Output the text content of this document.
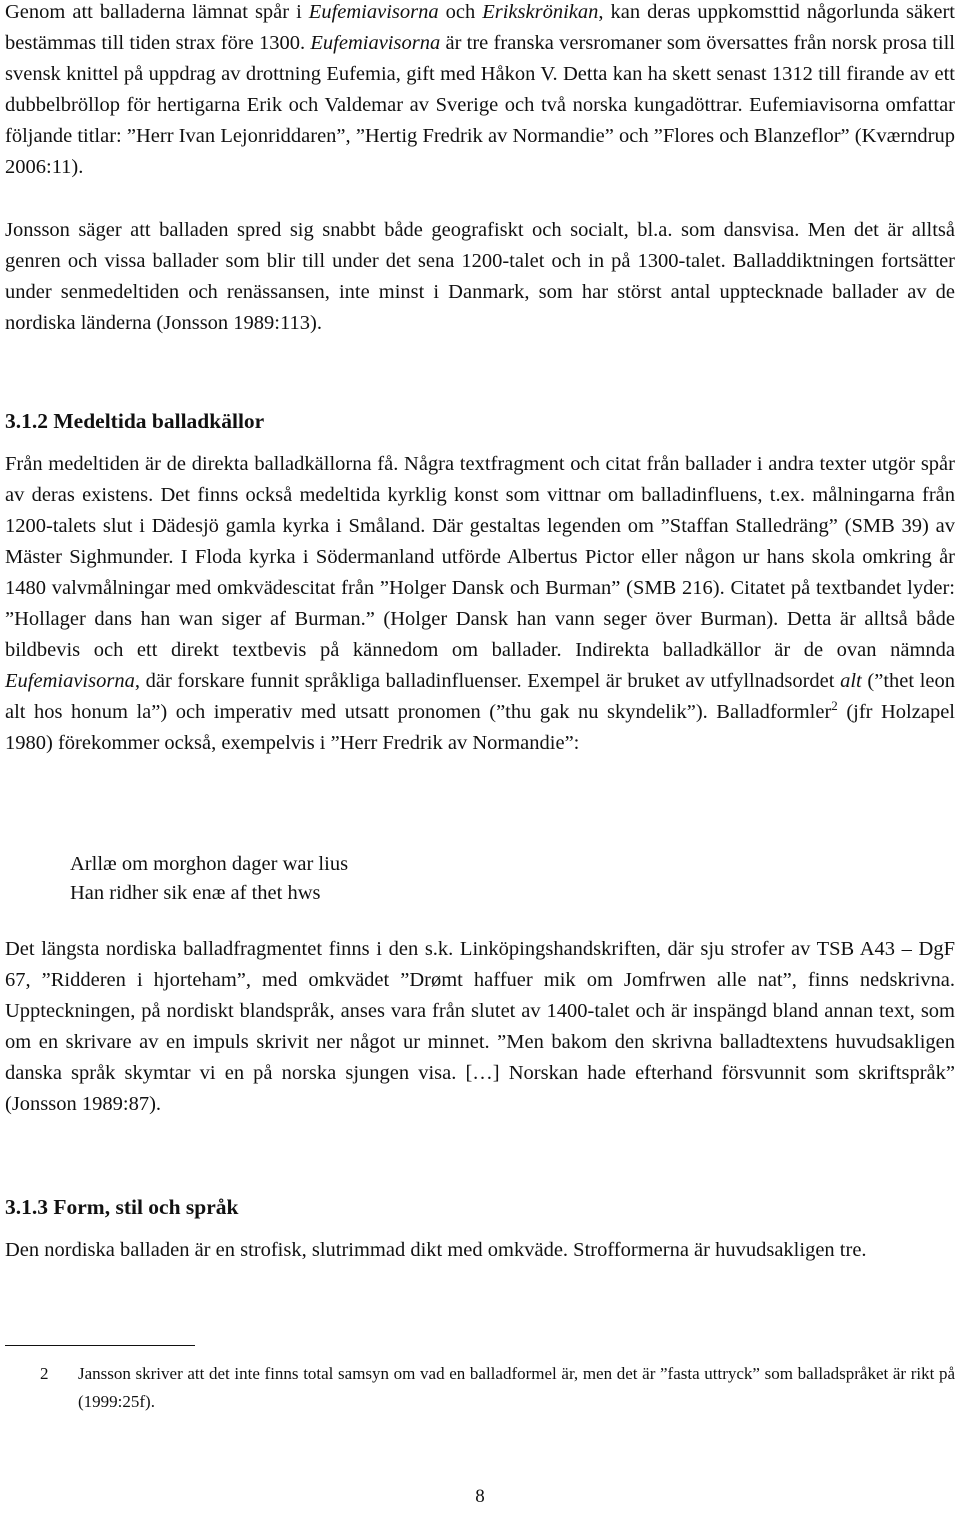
Genom att balladerna lämnat spår i Eufemiavisorna och Erikskrönikan, kan deras uppkomsttid någorlunda säkert bestämmas till tiden strax före 1300. Eufemiavisorna är tre franska versromaner som översattes från norsk prosa till svensk knittel på uppdrag av drottning Eufemia, gift med Håkon V. Detta kan ha skett senast 1312 till firande av ett dubbelbröllop för hertigarna Erik och Valdemar av Sverige och två norska kungadöttrar. Eufemiavisorna omfattar följande titlar: ”Herr Ivan Lejonriddaren”, ”Hertig Fredrik av Normandie” och ”Flores och Blanzeflor” (Kværndrup 2006:11).

Jonsson säger att balladen spred sig snabbt både geografiskt och socialt, bl.a. som dansvisa. Men det är alltså genren och vissa ballader som blir till under det sena 1200-talet och in på 1300-talet. Balladdiktningen fortsätter under senmedeltiden och renässansen, inte minst i Danmark, som har störst antal upptecknade ballader av de nordiska länderna (Jonsson 1989:113).

3.1.2 Medeltida balladkällor

Från medeltiden är de direkta balladkällorna få. Några textfragment och citat från ballader i andra texter utgör spår av deras existens. Det finns också medeltida kyrklig konst som vittnar om balladinfluens, t.ex. målningarna från 1200-talets slut i Dädesjö gamla kyrka i Småland. Där gestaltas legenden om ”Staffan Stalledräng” (SMB 39) av Mäster Sighmunder. I Floda kyrka i Södermanland utförde Albertus Pictor eller någon ur hans skola omkring år 1480 valvmålningar med omkvädescitat från ”Holger Dansk och Burman” (SMB 216). Citatet på textbandet lyder: ”Hollager dans han wan siger af Burman.” (Holger Dansk han vann seger över Burman). Detta är alltså både bildbevis och ett direkt textbevis på kännedom om ballader. Indirekta balladkällor är de ovan nämnda Eufemiavisorna, där forskare funnit språkliga balladinfluenser. Exempel är bruket av utfyllnadsordet alt (”thet leon alt hos honum la”) och imperativ med utsatt pronomen (”thu gak nu skyndelik”). Balladformler$^2$ (jfr Holzapel 1980) förekommer också, exempelvis i ”Herr Fredrik av Normandie”:

Arllæ om morghon dager war lius
Han ridher sik enæ af thet hws

Det längsta nordiska balladfragmentet finns i den s.k. Linköpingshandskriften, där sju strofer av TSB A43 – DgF 67, ”Ridderen i hjorteham”, med omkvädet ”Drømt haffuer mik om Jomfrwen alle nat”, finns nedskrivna. Uppteckningen, på nordiskt blandspråk, anses vara från slutet av 1400-talet och är inspängd bland annan text, som om en skrivare av en impuls skrivit ner något ur minnet. ”Men bakom den skrivna balladtextens huvudsakligen danska språk skymtar vi en på norska sjungen visa. […] Norskan hade efterhand försvunnit som skriftspråk” (Jonsson 1989:87).

3.1.3 Form, stil och språk

Den nordiska balladen är en strofisk, slutrimmad dikt med omkväde. Strofformerna är huvudsakligen tre.

2 Jansson skriver att det inte finns total samsyn om vad en balladformel är, men det är ”fasta uttryck” som balladspråket är rikt på (1999:25f).
8
